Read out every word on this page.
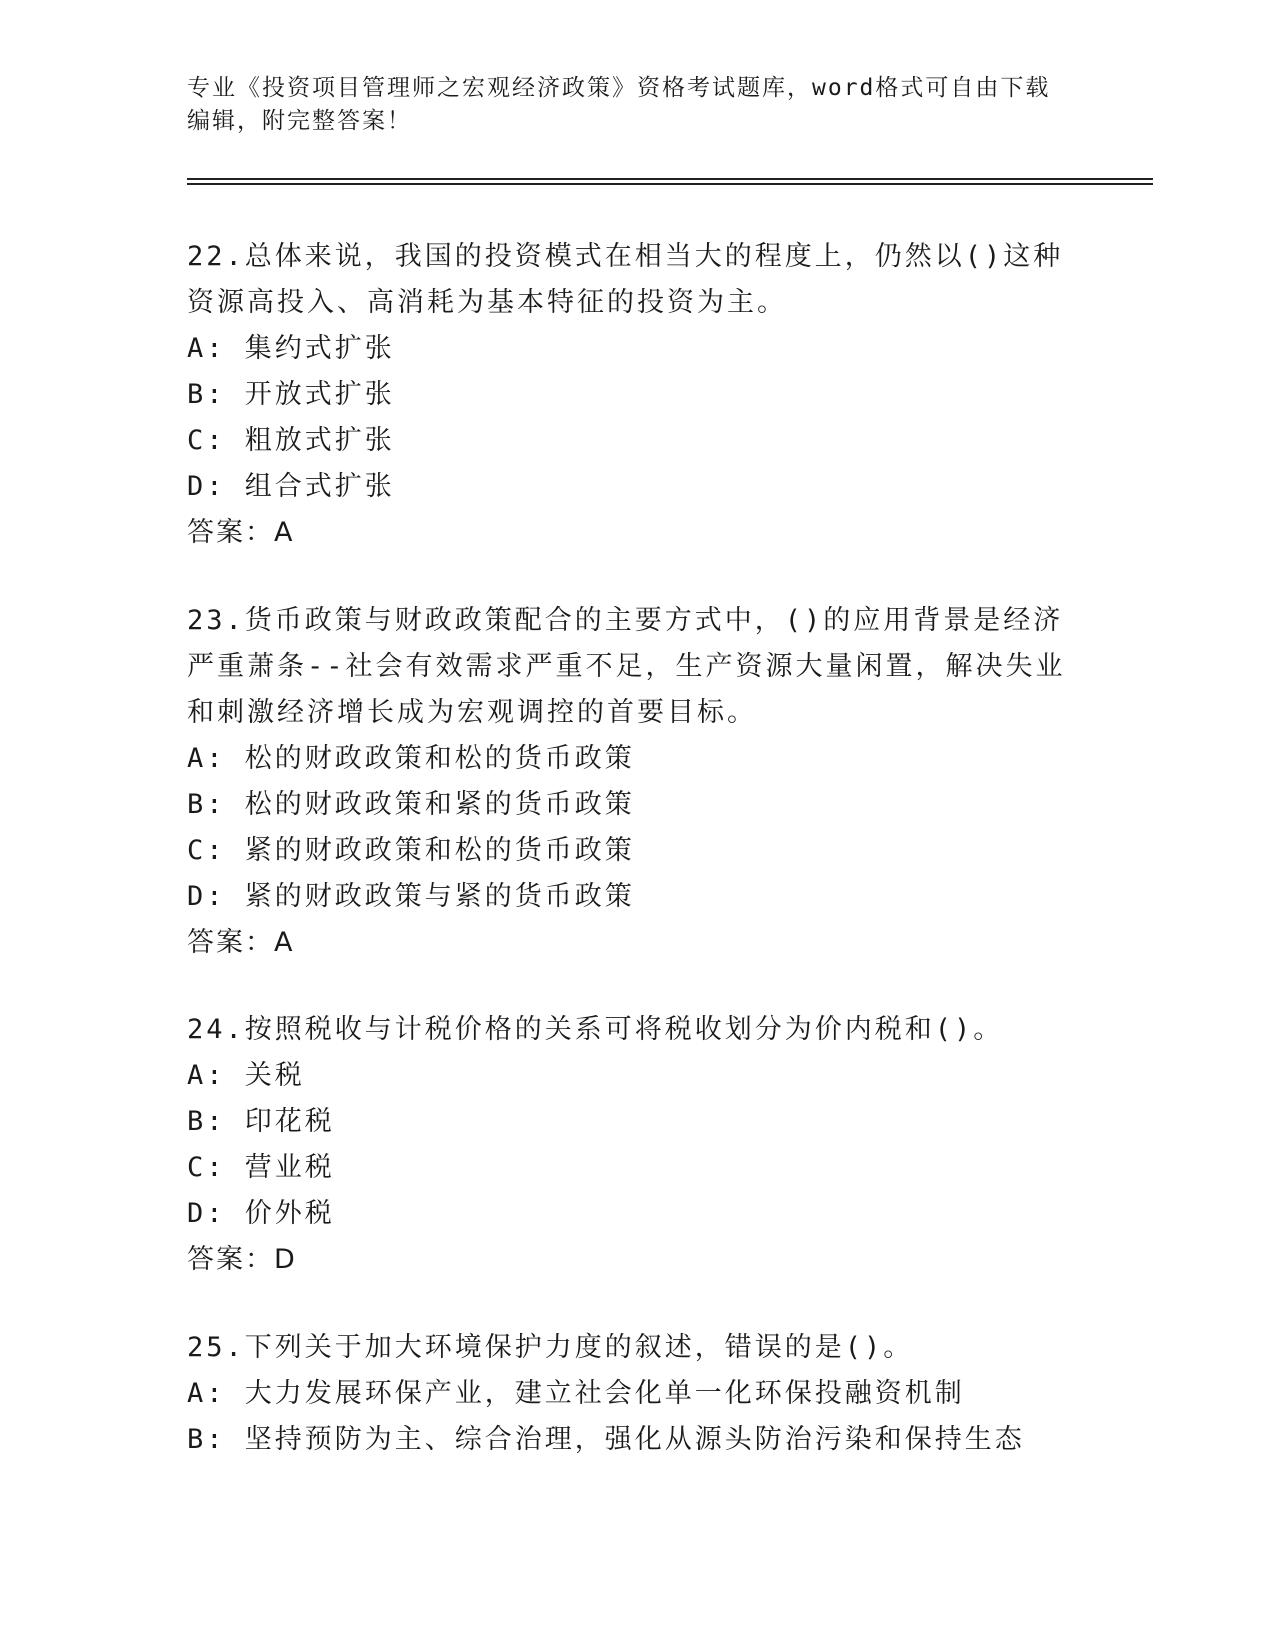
专业《投资项目管理师之宏观经济政策》资格考试题库，word格式可自由下载编辑，附完整答案！

22.总体来说，我国的投资模式在相当大的程度上，仍然以()这种资源高投入、高消耗为基本特征的投资为主。

A: 集约式扩张

B: 开放式扩张

C: 粗放式扩张

D: 组合式扩张

答案：A

23.货币政策与财政政策配合的主要方式中，()的应用背景是经济严重萧条--社会有效需求严重不足，生产资源大量闲置，解决失业和刺激经济增长成为宏观调控的首要目标。

A: 松的财政政策和松的货币政策

B: 松的财政政策和紧的货币政策

C: 紧的财政政策和松的货币政策

D: 紧的财政政策与紧的货币政策

答案：A

24.按照税收与计税价格的关系可将税收划分为价内税和()。

A: 关税

B: 印花税

C: 营业税

D: 价外税

答案：D

25.下列关于加大环境保护力度的叙述，错误的是()。

A: 大力发展环保产业，建立社会化单一化环保投融资机制

B: 坚持预防为主、综合治理，强化从源头防治污染和保持生态
